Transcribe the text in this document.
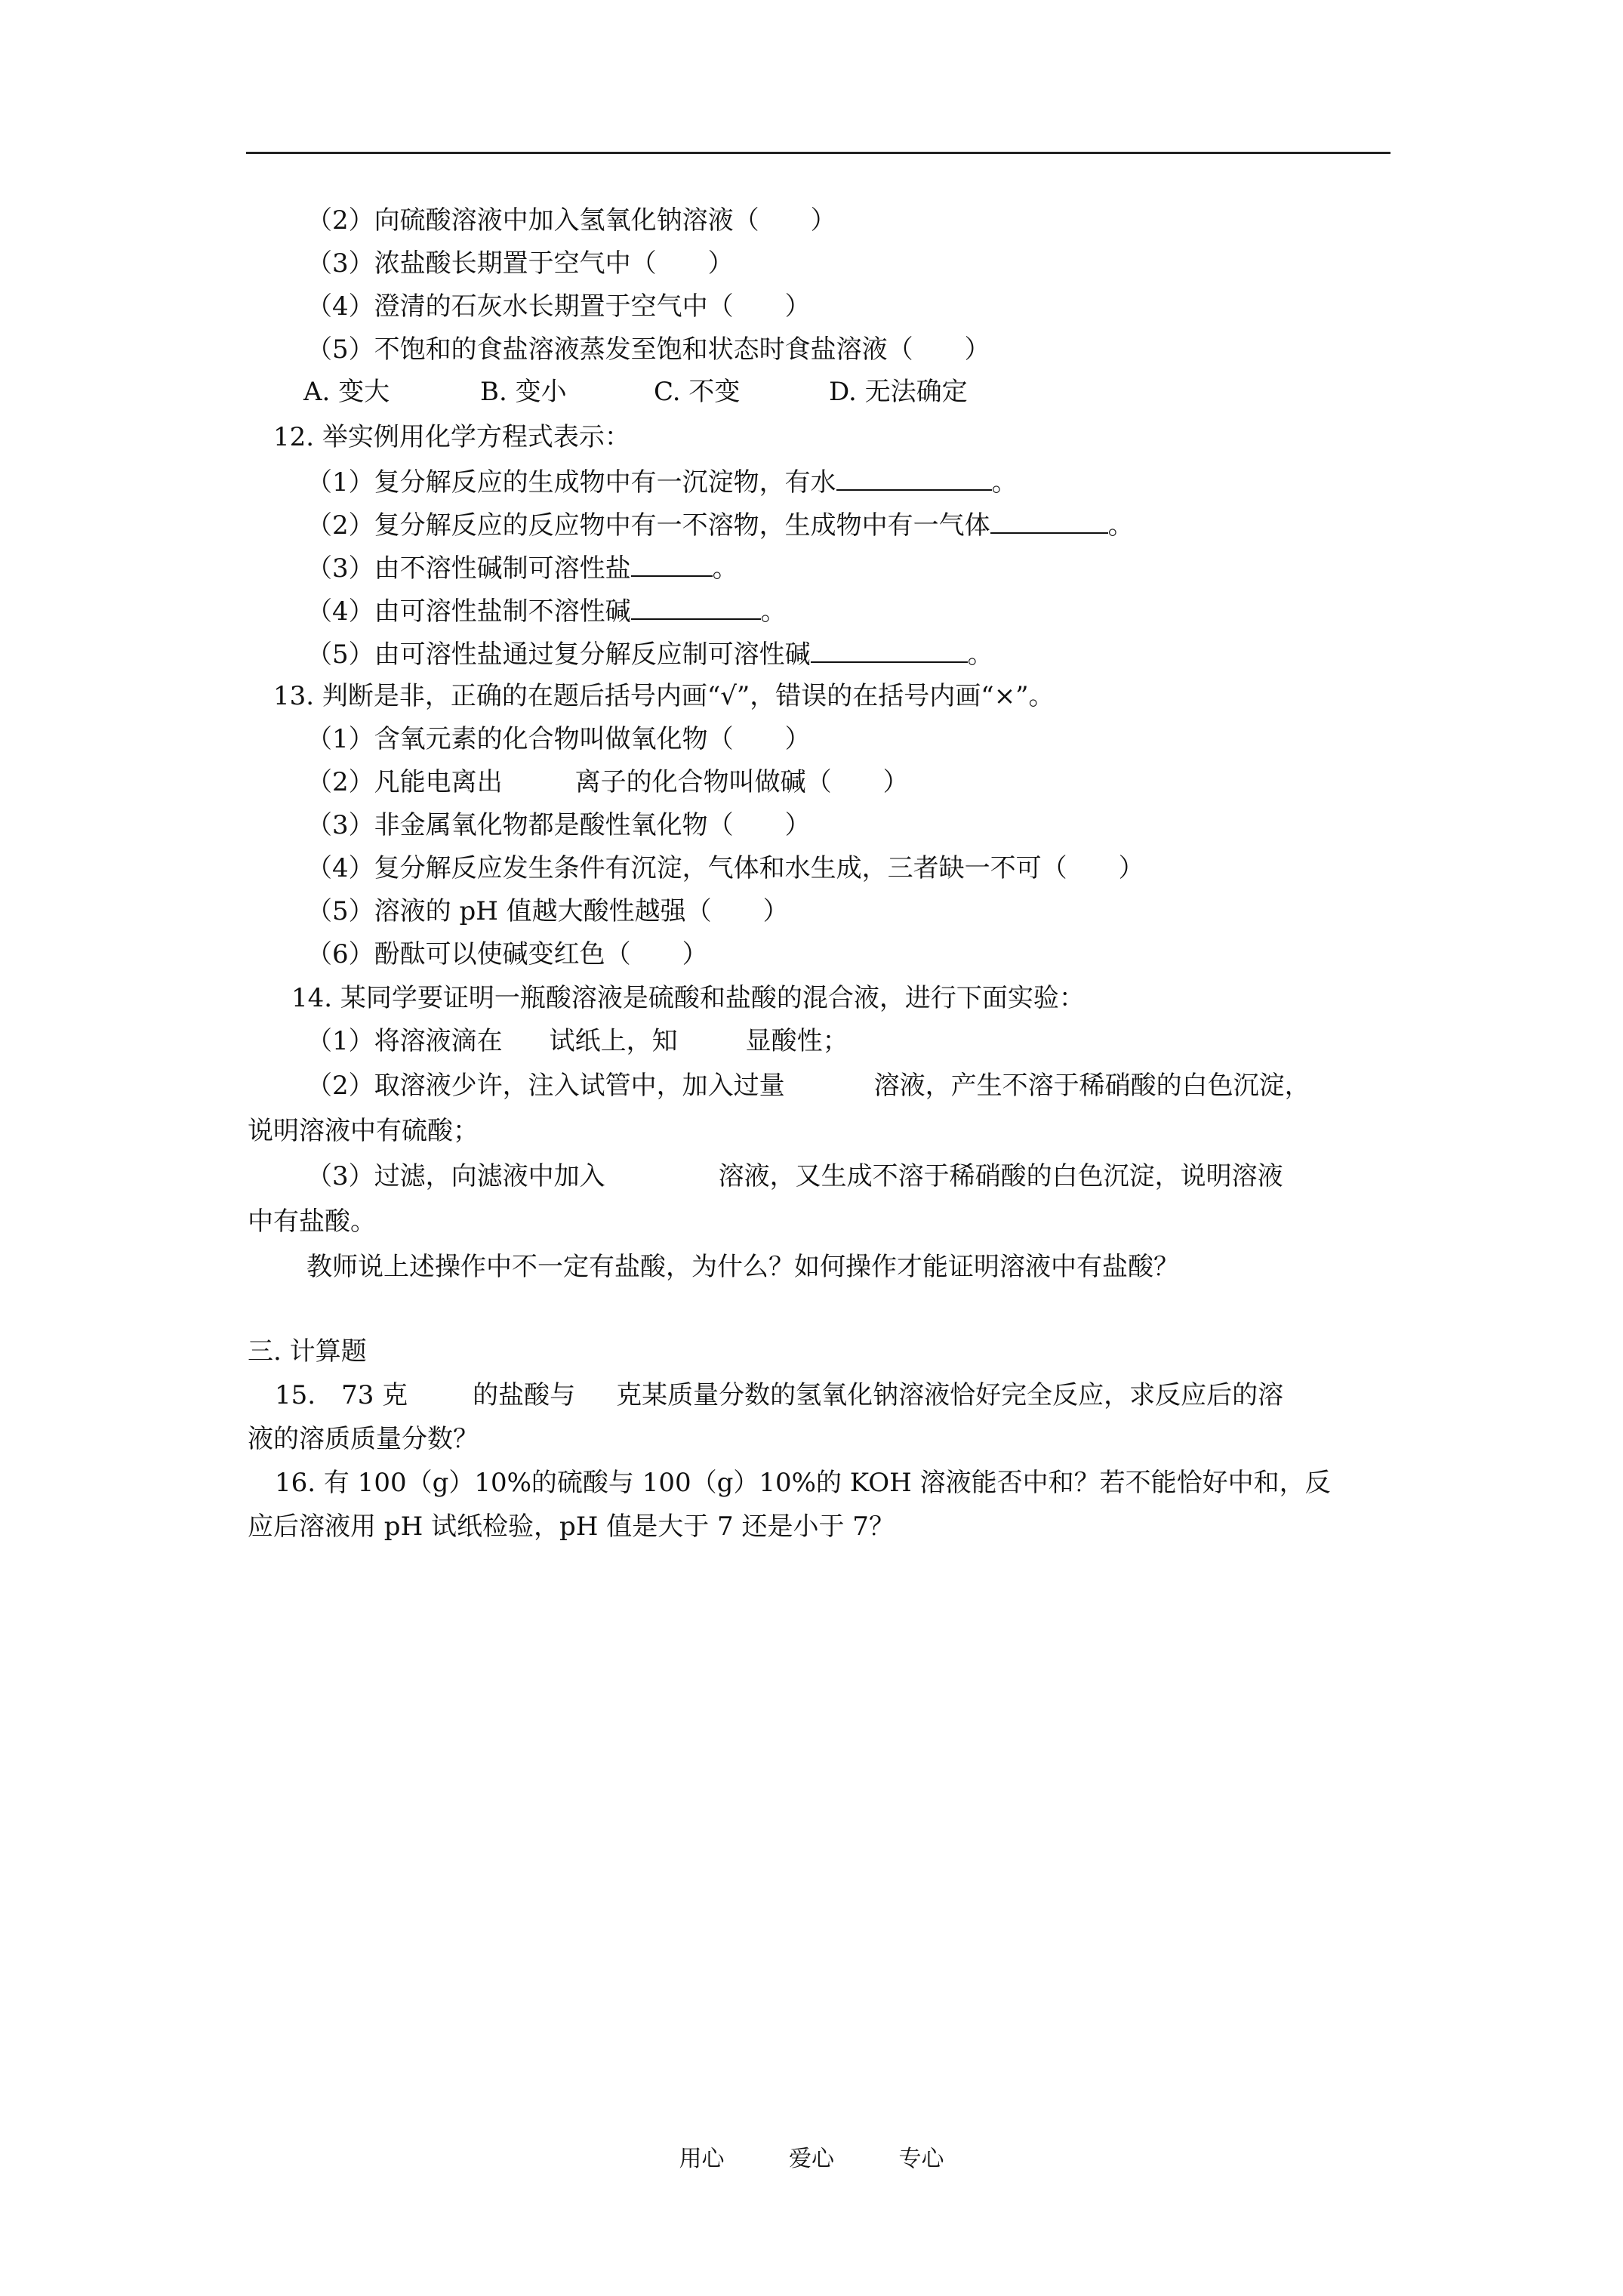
（2）向硫酸溶液中加入氢氧化钠溶液（　　）
（3）浓盐酸长期置于空气中（　　）
（4）澄清的石灰水长期置于空气中（　　）
（5）不饱和的食盐溶液蒸发至饱和状态时食盐溶液（　　）
A. 变大	B. 变小	C. 不变	D. 无法确定
12. 举实例用化学方程式表示：
（1）复分解反应的生成物中有一沉淀物，有水	。
（2）复分解反应的反应物中有一不溶物，生成物中有一气体	。
（3）由不溶性碱制可溶性盐	。
（4）由可溶性盐制不溶性碱	。
（5）由可溶性盐通过复分解反应制可溶性碱	。
13. 判断是非，正确的在题后括号内画“√”，错误的在括号内画“×”。
（1）含氧元素的化合物叫做氧化物（　　）
（2）凡能电离出	离子的化合物叫做碱（　　）
（3）非金属氧化物都是酸性氧化物（　　）
（4）复分解反应发生条件有沉淀，气体和水生成，三者缺一不可（　　）
（5）溶液的 pH 值越大酸性越强（　　）
（6）酚酞可以使碱变红色（　　）
14. 某同学要证明一瓶酸溶液是硫酸和盐酸的混合液，进行下面实验：
（1）将溶液滴在 试纸上，知	显酸性；
（2）取溶液少许，注入试管中，加入过量	溶液，产生不溶于稀硝酸的白色沉淀，
说明溶液中有硫酸；
（3）过滤，向滤液中加入	溶液，又生成不溶于稀硝酸的白色沉淀，说明溶液
中有盐酸。
教师说上述操作中不一定有盐酸，为什么？如何操作才能证明溶液中有盐酸？
三. 计算题
15.　73 克	的盐酸与 克某质量分数的氢氧化钠溶液恰好完全反应，求反应后的溶
液的溶质质量分数？
16. 有 100（g）10%的硫酸与 100（g）10%的 KOH 溶液能否中和？若不能恰好中和，反
应后溶液用 pH 试纸检验，pH 值是大于 7 还是小于 7？
用心	爱心	专心
